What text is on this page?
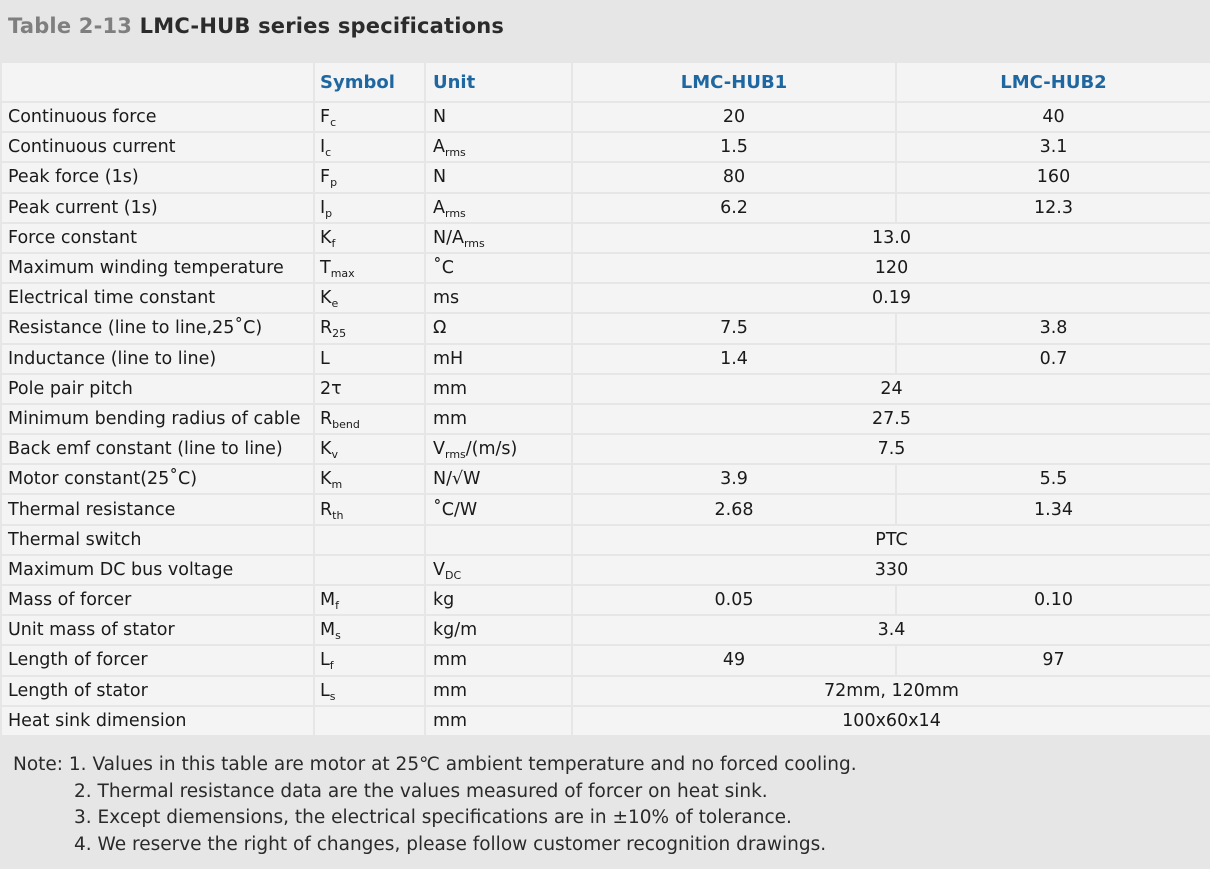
Table 2-13 LMC-HUB series specifications
	Symbol	Unit	LMC-HUB1	LMC-HUB2
Continuous force	$F_c$	N	20	40
Continuous current	$I_c$	$A_{rms}$	1.5	3.1
Peak force (1s)	$F_p$	N	80	160
Peak current (1s)	$I_p$	$A_{rms}$	6.2	12.3
Force constant	$K_f$	$N/A_{rms}$	13.0	
Maximum winding temperature	$T_{max}$	˚C	120	
Electrical time constant	$K_e$	ms	0.19	
Resistance (line to line,25˚C)	$R_{25}$	Ω	7.5	3.8
Inductance (line to line)	L	mH	1.4	0.7
Pole pair pitch	2τ	mm	24	
Minimum bending radius of cable	$R_{bend}$	mm	27.5	
Back emf constant (line to line)	$K_v$	$V_{rms}/(m/s)$	7.5	
Motor constant(25˚C)	$K_m$	N/√W	3.9	5.5
Thermal resistance	$R_{th}$	˚C/W	2.68	1.34
Thermal switch			PTC	
Maximum DC bus voltage		$V_{DC}$	330	
Mass of forcer	$M_f$	kg	0.05	0.10
Unit mass of stator	$M_s$	kg/m	3.4	
Length of forcer	$L_f$	mm	49	97
Length of stator	$L_s$	mm	72mm, 120mm	
Heat sink dimension		mm	100x60x14	
Note: 1. Values in this table are motor at 25℃ ambient temperature and no forced cooling.
2. Thermal resistance data are the values measured of forcer on heat sink.
3. Except diemensions, the electrical specifications are in ±10% of tolerance.
4. We reserve the right of changes, please follow customer recognition drawings.
